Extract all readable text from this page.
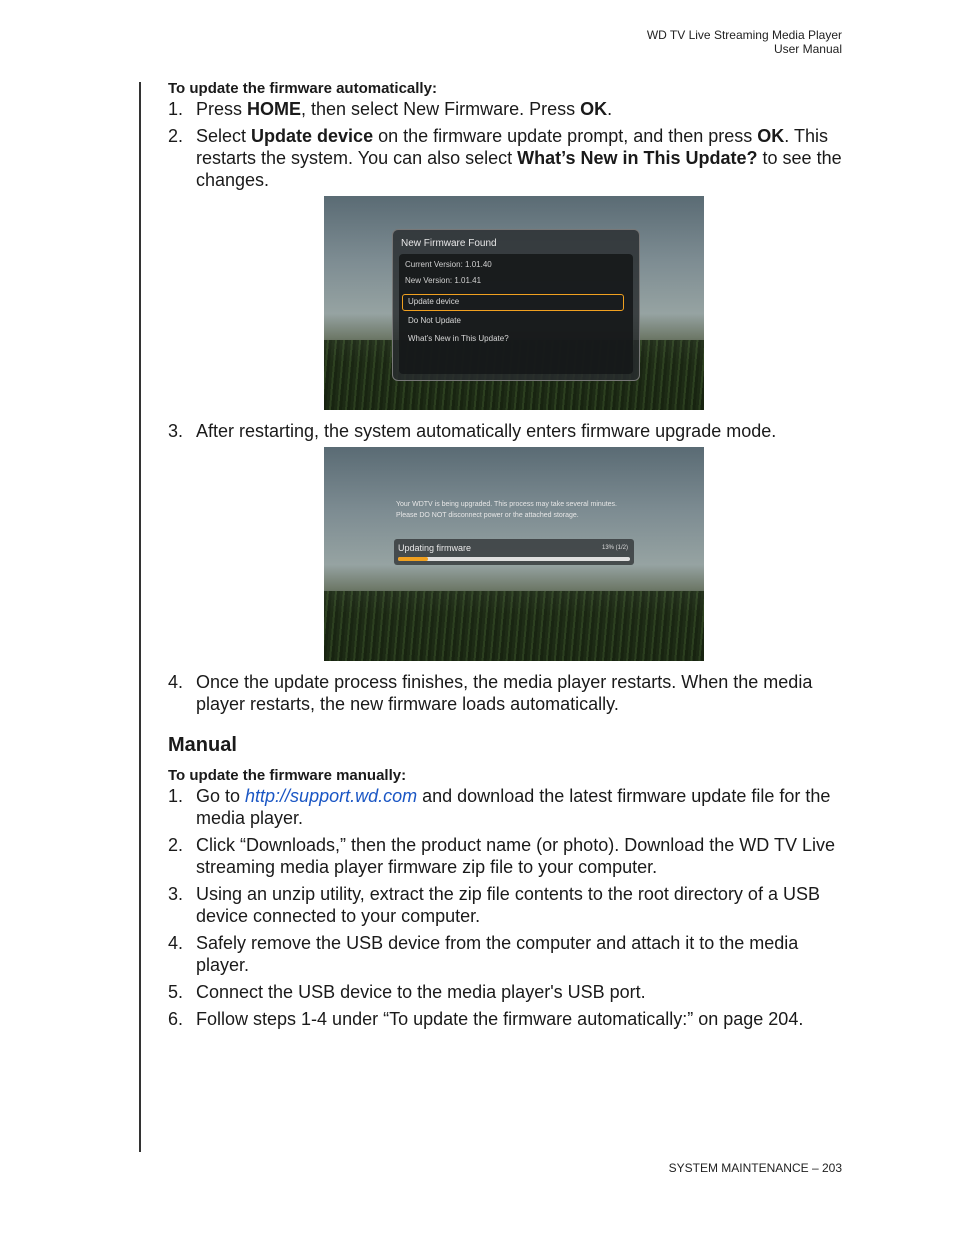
WD TV Live Streaming Media Player
User Manual

To update the firmware automatically:

1. Press HOME, then select New Firmware. Press OK.
2. Select Update device on the firmware update prompt, and then press OK. This restarts the system. You can also select What’s New in This Update? to see the changes.
New Firmware Found
Current Version: 1.01.40
New Version: 1.01.41
Update device
Do Not Update
What’s New in This Update?
3. After restarting, the system automatically enters firmware upgrade mode.
Your WDTV is being upgraded. This process may take several minutes. Please DO NOT disconnect power or the attached storage.
Updating firmware	13% (1/2)
4. Once the update process finishes, the media player restarts. When the media player restarts, the new firmware loads automatically.
Manual

To update the firmware manually:

1. Go to http://support.wd.com and download the latest firmware update file for the media player.
2. Click “Downloads,” then the product name (or photo). Download the WD TV Live streaming media player firmware zip file to your computer.
3. Using an unzip utility, extract the zip file contents to the root directory of a USB device connected to your computer.
4. Safely remove the USB device from the computer and attach it to the media player.
5. Connect the USB device to the media player's USB port.
6. Follow steps 1-4 under “To update the firmware automatically:” on page 204.
SYSTEM MAINTENANCE – 203
